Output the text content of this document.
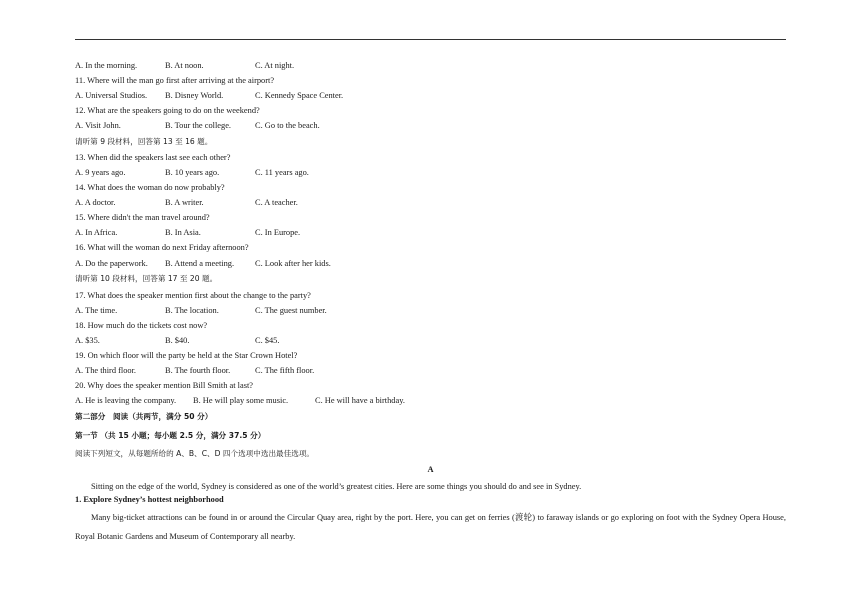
A. In the morning.	B. At noon.	C. At night.
11. Where will the man go first after arriving at the airport?
A. Universal Studios. B. Disney World.	C. Kennedy Space Center.
12. What are the speakers going to do on the weekend?
A. Visit John.	B. Tour the college.	C. Go to the beach.
请听第 9 段材料，回答第 13 至 16 题。
13. When did the speakers last see each other?
A. 9 years ago.	B. 10 years ago.	C. 11 years ago.
14. What does the woman do now probably?
A. A doctor.	B. A writer.	C. A teacher.
15. Where didn't the man travel around?
A. In Africa.	B. In Asia.	C. In Europe.
16. What will the woman do next Friday afternoon?
A. Do the paperwork. B. Attend a meeting. C. Look after her kids.
请听第 10 段材料，回答第 17 至 20 题。
17. What does the speaker mention first about the change to the party?
A. The time.	B. The location.	C. The guest number.
18. How much do the tickets cost now?
A. $35.	B. $40.	C. $45.
19. On which floor will the party be held at the Star Crown Hotel?
A. The third floor.	B. The fourth floor.	C. The fifth floor.
20. Why does the speaker mention Bill Smith at last?
A. He is leaving the company. B. He will play some music.	C. He will have a birthday.
第二部分　阅读（共两节，满分 50 分）
第一节 （共 15 小题；每小题 2.5 分，满分 37.5 分）
阅读下列短文，从每题所给的 A、B、C、D 四个选项中选出最佳选项。
A
Sitting on the edge of the world, Sydney is considered as one of the world’s greatest cities. Here are some things you should do and see in Sydney.
1. Explore Sydney’s hottest neighborhood
Many big-ticket attractions can be found in or around the Circular Quay area, right by the port. Here, you can get on ferries (渡轮) to faraway islands or go exploring on foot with the Sydney Opera House, Royal Botanic Gardens and Museum of Contemporary all nearby.
